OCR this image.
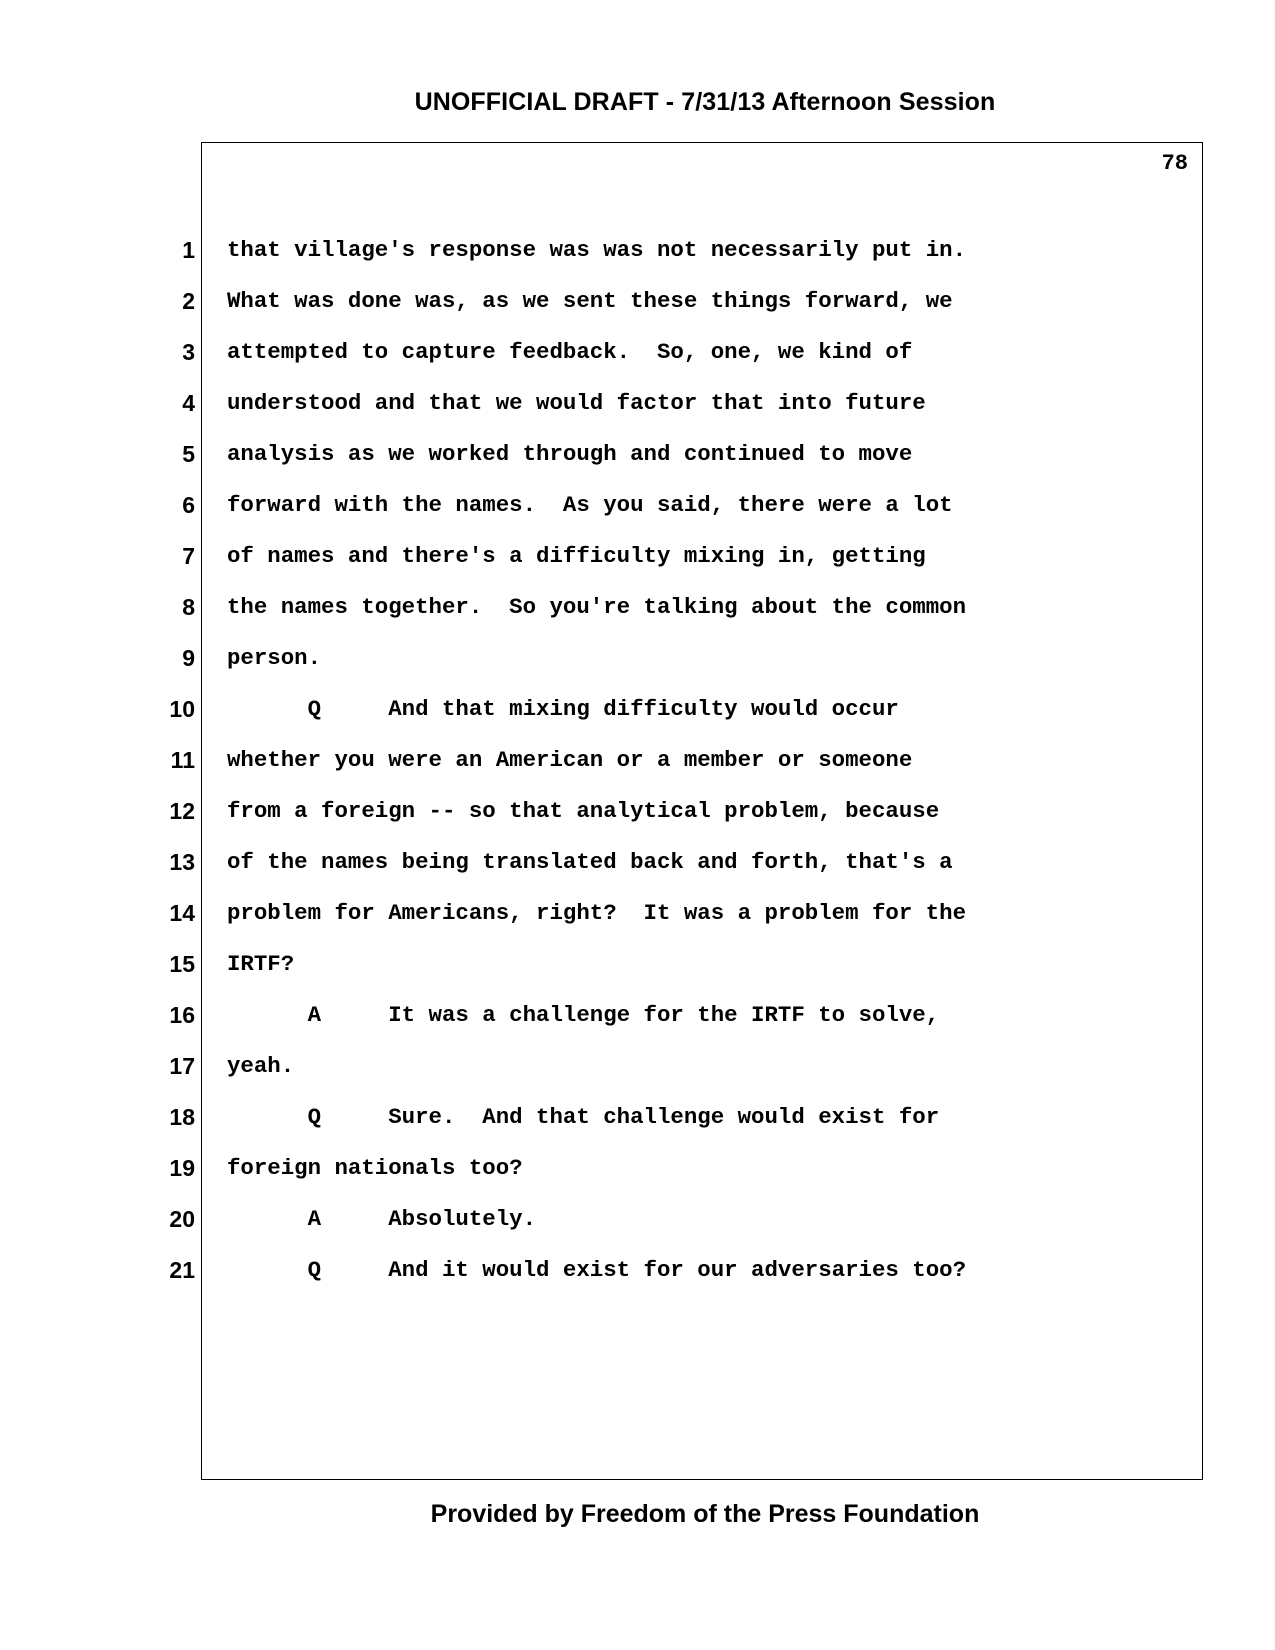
UNOFFICIAL DRAFT - 7/31/13 Afternoon Session
78
1 that village's response was was not necessarily put in.
2 What was done was, as we sent these things forward, we
3 attempted to capture feedback.  So, one, we kind of
4 understood and that we would factor that into future
5 analysis as we worked through and continued to move
6 forward with the names.  As you said, there were a lot
7 of names and there's a difficulty mixing in, getting
8 the names together.  So you're talking about the common
9 person.
10 Q     And that mixing difficulty would occur
11 whether you were an American or a member or someone
12 from a foreign -- so that analytical problem, because
13 of the names being translated back and forth, that's a
14 problem for Americans, right?  It was a problem for the
15 IRTF?
16 A     It was a challenge for the IRTF to solve,
17 yeah.
18 Q     Sure.  And that challenge would exist for
19 foreign nationals too?
20 A     Absolutely.
21 Q     And it would exist for our adversaries too?
Provided by Freedom of the Press Foundation
